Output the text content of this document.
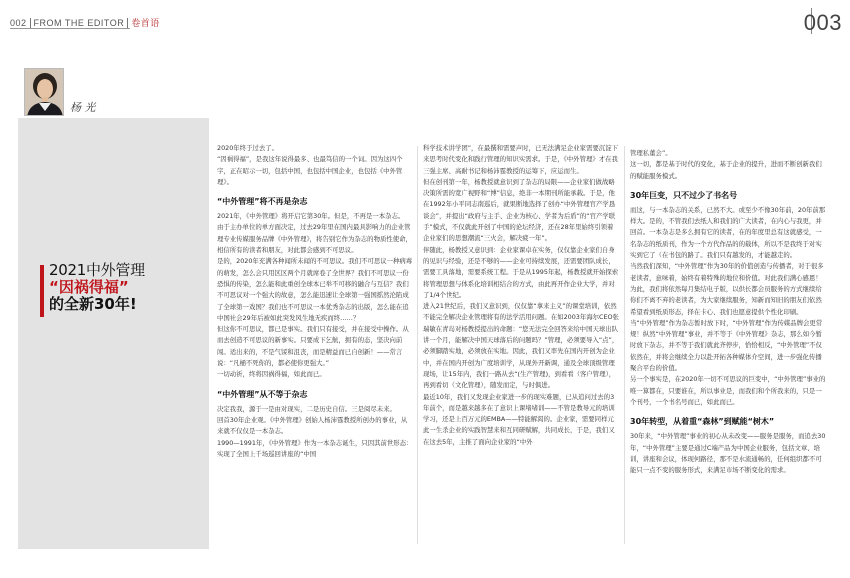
002 FROM THE EDITOR 卷首语	003
杨 光
2021中外管理
“因祸得福”
的全新30年!

2020年终于过去了。

“因祸得福”，是我这年说得最多、也最笃信的一个词。因为这四个字，正在昭示一切，包括中国，也包括中国企业，也包括《中外管理》。

“中外管理”将不再是杂志

2021年，《中外管理》将开启它第30年。但是，不再是一本杂志。

由于主办单位的单方面决定，过去29年里在国内最具影响力的企业管理专业传媒服务品牌《中外管理》，将告别它作为杂志的物质性使命，相信所有的读者和朋友，对此都会感到不可思议。

是的，2020年充满各种闻所未闻的不可思议。我们不可思议一种病毒的萌发，怎么会只用区区两个月就席卷了全世界？我们不可思议一份恐惧的传染，怎么能和此重创全球本已举不可移的融合与互信？我们不可思议对一个强大的故意，怎么能迅速让全球第一强国摇然沦陷成了全球第一戏国？我们也不可思议一本优秀杂志的出版，怎么能在追中国社会29年后被如此突发风生地无疾而终……？

但这你不可思议，都已是事实。我们只有接受，并在接受中操作。从而去创造不可思议的新事实。只要成下乞航，拥有的态，坚决向前闯。适出来的，不是气馁和沮丧，而是精益而已自创新！——常言说：“凡桶不死你的，都必使你更强大。”

一切动祈，终将因祸得福，如此而已。

“中外管理”从不等于杂志

决定我我，源于一是由对现实，二是历史自信。三是阅尽未来。

回首30年企业观。《中外管理》创始人杨沛霆教授所创办的事业，从来就不仅仅是一本杂志。

1990—1991年，《中外管理》作为一本杂志诞生，只因其前世形态：实现了全国上千场巡回讲座的“中国

科学技术讲学团”，在最撰和需要声时，已无法满足企业家需要沉淀下来思考时代变化和践行管理的知识实需求。于是，《中外管理》才在我三强主席、高耐书记和杨沛霆教授的运筹下，应运而生。

但在创刊第一年，杨教授就意识到了杂志的局限——企业家们做战略决策所需的宽广视野和“博”信息，绝非一本期刊所能承载。于是，他在1992年小平同志南巡后，就果断地选择了创办“中外管理官产学恳谈会”，并提出“政府与主手、企业为核心、学者为后盾”的“官产学联手”模式，不仅就此开创了中国的论坛经济，还在28年里始终引领着企业家们的思想潮流“三火会，解决疲一年”。

伴随此，杨教授又意识到：企业家课卓在实务，仅仅靠企业家们自身的见识与经验，还是不够的——企业可持续发展，还需要团队成长，需要工具落地，需要系统工程。于是从1995年起，杨教授就开始探索将管理思想与体系化培训相结合的方式，由此再开作企业大学，并对了1/4个世纪。

进入21世纪后，我们又意识到，仅仅靠“拿来主义”的课堂培训，依然不能完全解决企业管理将有的法学活用问题。在如2003年海尔CEO张瑞敏在青岛对杨教授提出的命题：“您无法完全回答来给中国天球出队讲一个月，能解决中国天球落后的问题吗？”管理，必须要导入“点”，必须脚踏实地，必须放在实地。因此，我们又率先在国内开创为企业中，并在国内开创为广度培训学，从现外开新调，通及全球顶级管理现场，让15年内，我们一路从去“(生产管理)，到看看（客户管理），再到看切（文化管理），随发而定，与时俱进。

最近10年，我们又发现企业家进一步的现实难题，已从追问过去的3年前个，而是越来越多在了意识上课堵堵训——不管是教导元的培训学习，还是上百万元的EMBA——特能解渴的。企业家，需要同样元此一生杀企业的实践智慧来和互同研赋解，共同成长，于是，我们又在这去5年，主推了面向企业家的“中外

管理私董会”。

这一切，都是基于时代的变化，基于企业的提升，进而不断创新我们的赋能服务模式。

30年巨变，只不过少了书名号

而这，与一本杂志的关系，已然不大。或至少不像30年前，20年前那样大。是的，不管我们去纸人和我们的广大读者，在内心与我更，并回首。一本杂志是多么拥有它的读者，在的年度里总有这就感受，一名杂志的纸质刊，作为一个方代作品的的载体，所以不是我终于对实实到它了（在书包的路了。我们只有越发的，才能越走的。

当然我们深知，“中外管理”作为30年的价值创造与传播者，对于很多老读者，意味着，始终有着特殊的地位和价值。对此我们满心感恩！为此，我们将依然每月集结电子版，以供长都会员服务的方式继续给你们不离不弃的老读者，为大家继续服务，知新而知旧的朋友们依然希望看到纸质形态，择在卡心、我们也愿意提供个性化印刷。

当“中外管理”作为杂志暂时放下时，“中外管理”作为传媒品牌会更常规！纵然“中外管理”事业，并不等于《中外管理》杂志，那么如今暂时放下杂志，并不等于我们就此齐停步，恰恰相反，“中外管理”不仅依然在，并将会继续全力以赴开拓各种媒体介空间，进一步强化传播聚合平台的价值。

另一个事实是，在2020年一切不可思议的巨变中，“中外管理”事业的唯一算都在，只要谁在，所以事业是，而我们和个所我来的，只是一个刊号，一个书名号而已，如此而已。

30年转型，从着重“森林”到赋能“树木”

30年来，“中外管理”事业的初心从未改变——服务是服务，而追去30年，“中外管理”主要是通过C端产品为中国企业服务，包括文章、培训，讲座和会议，体现何路径，那不是水流通畅的，任何组织都不可能只一点不变的服务形式，来满足市场不断变化的需求。
